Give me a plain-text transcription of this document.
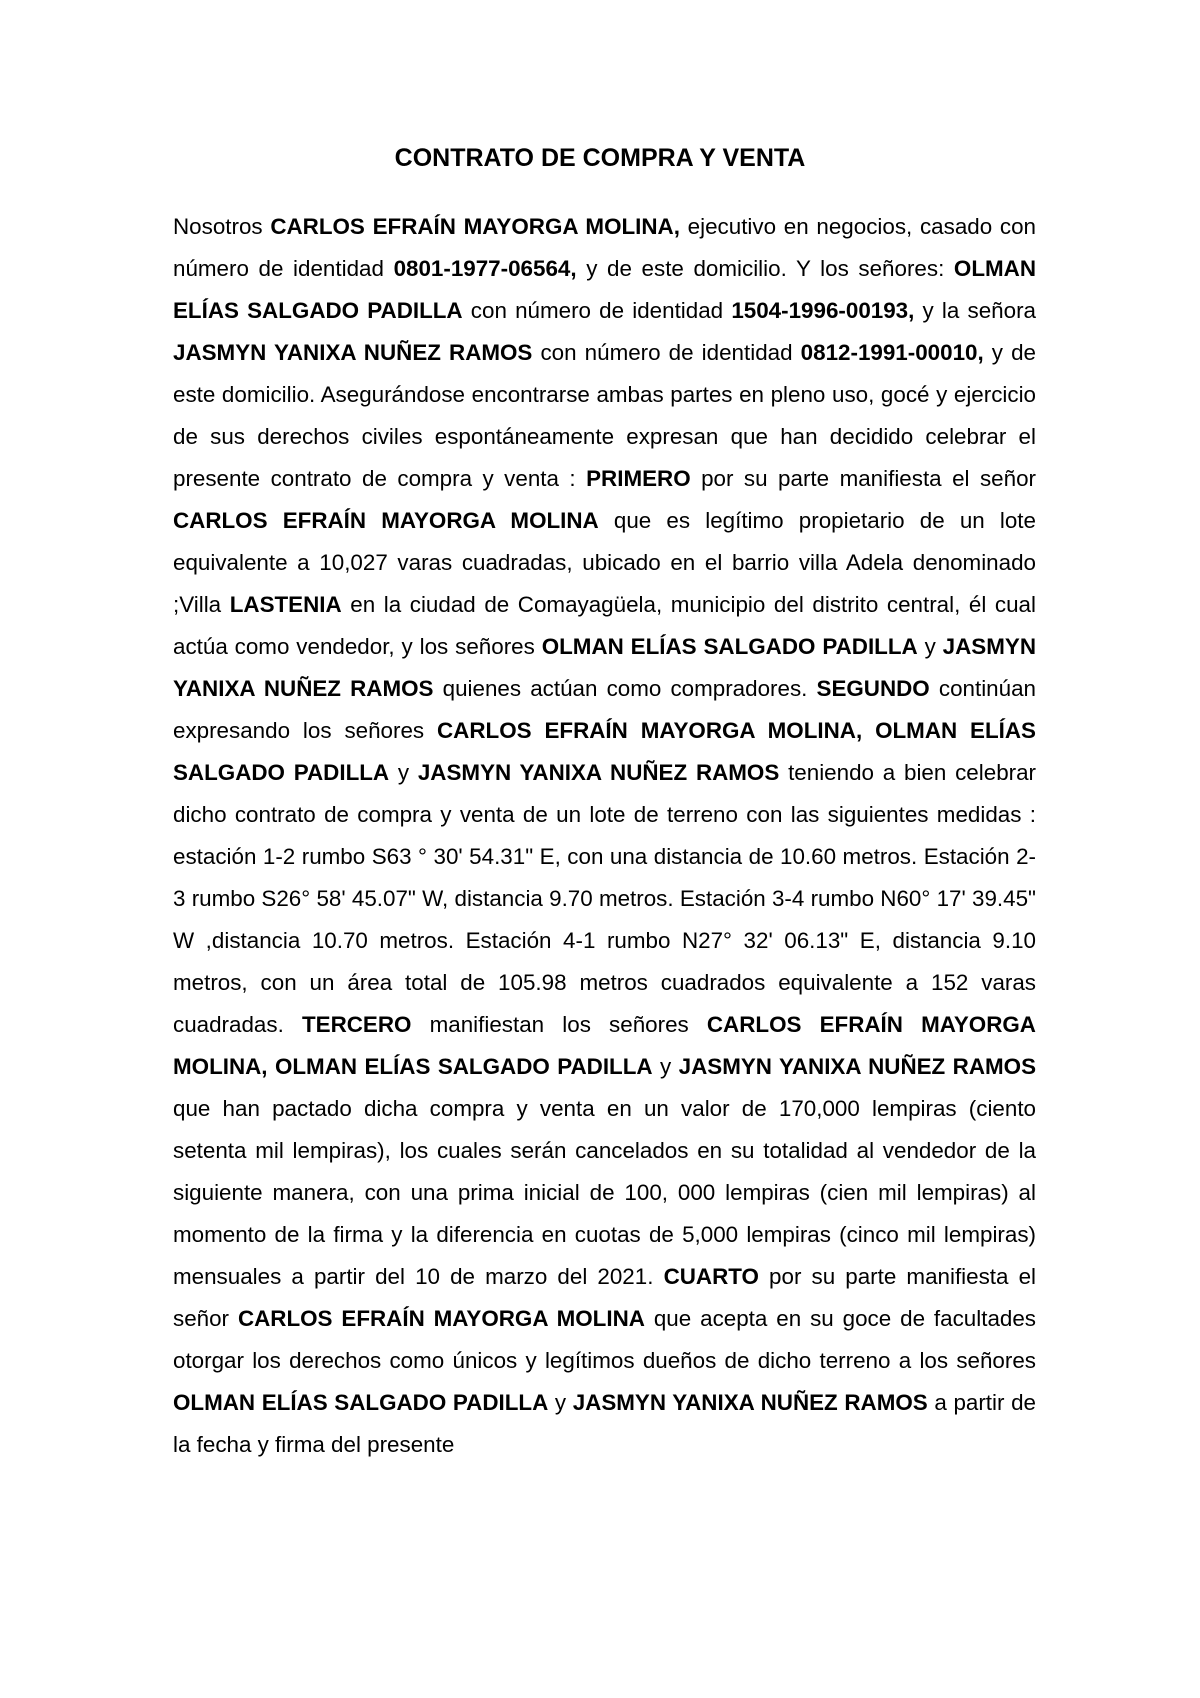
CONTRATO DE COMPRA Y VENTA

Nosotros CARLOS EFRAÍN MAYORGA MOLINA, ejecutivo en negocios, casado con número de identidad 0801-1977-06564, y de este domicilio. Y los señores: OLMAN ELÍAS SALGADO PADILLA con número de identidad 1504-1996-00193, y la señora JASMYN YANIXA NUÑEZ RAMOS con número de identidad 0812-1991-00010, y de este domicilio. Asegurándose encontrarse ambas partes en pleno uso, gocé y ejercicio de sus derechos civiles espontáneamente expresan que han decidido celebrar el presente contrato de compra y venta : PRIMERO por su parte manifiesta el señor CARLOS EFRAÍN MAYORGA MOLINA que es legítimo propietario de un lote equivalente a 10,027 varas cuadradas, ubicado en el barrio villa Adela denominado ;Villa LASTENIA en la ciudad de Comayagüela, municipio del distrito central, él cual actúa como vendedor, y los señores OLMAN ELÍAS SALGADO PADILLA y JASMYN YANIXA NUÑEZ RAMOS quienes actúan como compradores. SEGUNDO continúan expresando los señores CARLOS EFRAÍN MAYORGA MOLINA, OLMAN ELÍAS SALGADO PADILLA y JASMYN YANIXA NUÑEZ RAMOS teniendo a bien celebrar dicho contrato de compra y venta de un lote de terreno con las siguientes medidas : estación 1-2 rumbo S63 ° 30' 54.31" E, con una distancia de 10.60 metros. Estación 2-3 rumbo S26° 58' 45.07" W, distancia 9.70 metros. Estación 3-4 rumbo N60° 17' 39.45" W ,distancia 10.70 metros. Estación 4-1 rumbo N27° 32' 06.13" E, distancia 9.10 metros, con un área total de 105.98 metros cuadrados equivalente a 152 varas cuadradas. TERCERO manifiestan los señores CARLOS EFRAÍN MAYORGA MOLINA, OLMAN ELÍAS SALGADO PADILLA y JASMYN YANIXA NUÑEZ RAMOS que han pactado dicha compra y venta en un valor de 170,000 lempiras (ciento setenta mil lempiras), los cuales serán cancelados en su totalidad al vendedor de la siguiente manera, con una prima inicial de 100, 000 lempiras (cien mil lempiras) al momento de la firma y la diferencia en cuotas de 5,000 lempiras (cinco mil lempiras) mensuales a partir del 10 de marzo del 2021. CUARTO por su parte manifiesta el señor CARLOS EFRAÍN MAYORGA MOLINA que acepta en su goce de facultades otorgar los derechos como únicos y legítimos dueños de dicho terreno a los señores OLMAN ELÍAS SALGADO PADILLA y JASMYN YANIXA NUÑEZ RAMOS a partir de la fecha y firma del presente
